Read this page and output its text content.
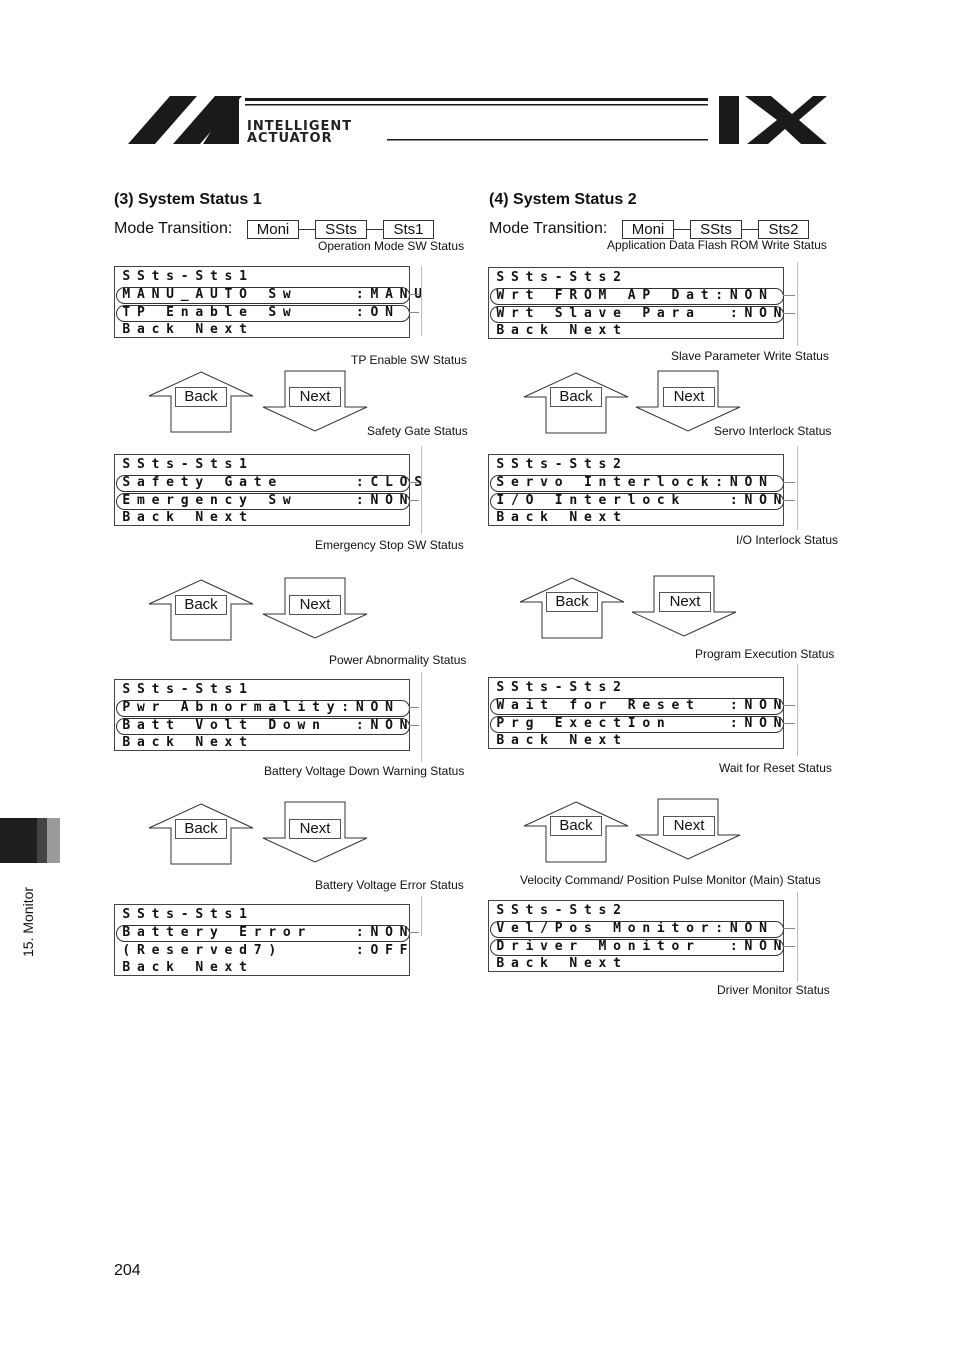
INTELLIGENT
ACTUATOR
(3) System Status 1
Mode Transition:	Moni	SSts	Sts1
Operation Mode SW Status
S S t s - S t s 1
M A N U _ A U T O S w	: M A N
T P E n a b l e S w	: O N
B a c k N e x t
TP Enable SW Status
Back	Next
Safety Gate Status
S S t s - S t s 1
S a f e t y G a t e	: C L O
E m e r g e n c y S w	: N O N
B a c k N e x t
Emergency Stop SW Status
Back	Next
Power Abnormality Status
S S t s - S t s 1
P w r A b n o r m a l i t y : N O N
B a t t V o l t D o w n	: N O N
B a c k N e x t
Battery Voltage Down Warning Status
Back	Next
Battery Voltage Error Status
S S t s - S t s 1
B a t t e r y E r r o r	: N O N
( R e s e r v e d 7 )	: O F F
B a c k N e x t
(4) System Status 2
Mode Transition:	Moni	SSts	Sts2
Application Data Flash ROM Write Status
S S t s - S t s 2
W r t F R O M A P D a t : N O N
W r t S l a v e P a r a	: N O N
B a c k N e x t
Slave Parameter Write Status
Back	Next
Servo Interlock Status
S S t s - S t s 2
S e r v o I n t e r l o c k : N O N
I / O I n t e r l o c k	: N O N
B a c k N e x t
I/O Interlock Status
Back	Next
Program Execution Status
S S t s - S t s 2
W a i t f o r R e s e t	: N O N
P r g E x e c t I o n	: N O N
B a c k N e x t
Wait for Reset Status
Back	Next
Velocity Command/ Position Pulse Monitor (Main) Status
S S t s - S t s 2
V e l / P o s M o n i t o r : N O N
D r i v e r M o n i t o r	: N O N
B a c k N e x t
Driver Monitor Status
15. Monitor
204
